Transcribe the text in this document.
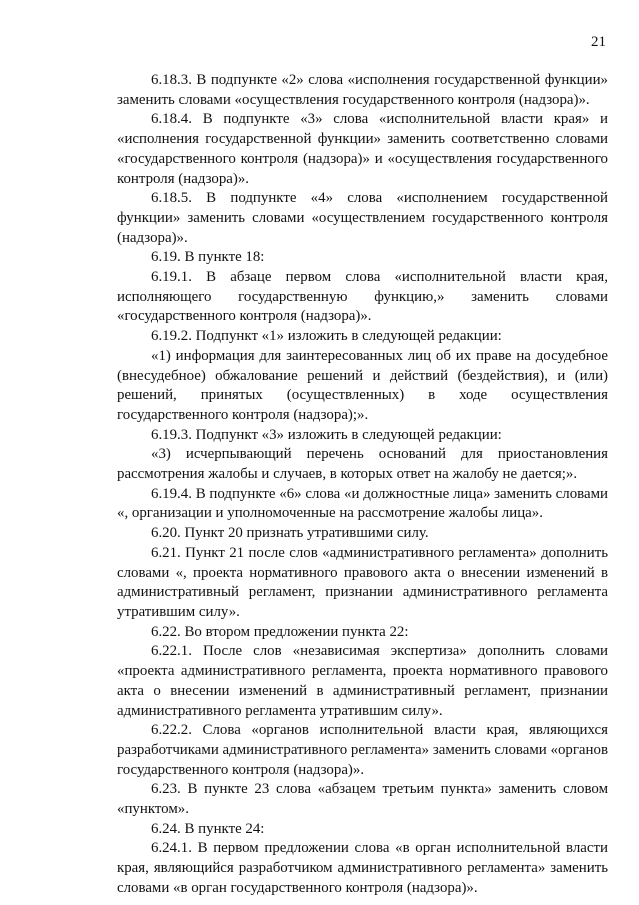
21

6.18.3. В подпункте «2» слова «исполнения государственной функции» заменить словами «осуществления государственного контроля (надзора)».

6.18.4. В подпункте «3» слова «исполнительной власти края» и «исполнения государственной функции» заменить соответственно словами «государственного контроля (надзора)» и «осуществления государственного контроля (надзора)».

6.18.5. В подпункте «4» слова «исполнением государственной функции» заменить словами «осуществлением государственного контроля (надзора)».

6.19. В пункте 18:

6.19.1. В абзаце первом слова «исполнительной власти края, исполняющего государственную функцию,» заменить словами «государственного контроля (надзора)».

6.19.2. Подпункт «1» изложить в следующей редакции:

«1) информация для заинтересованных лиц об их праве на досудебное (внесудебное) обжалование решений и действий (бездействия), и (или) решений, принятых (осуществленных) в ходе осуществления государственного контроля (надзора);».

6.19.3. Подпункт «3» изложить в следующей редакции:

«3) исчерпывающий перечень оснований для приостановления рассмотрения жалобы и случаев, в которых ответ на жалобу не дается;».

6.19.4. В подпункте «6» слова «и должностные лица» заменить словами «, организации и уполномоченные на рассмотрение жалобы лица».

6.20. Пункт 20 признать утратившими силу.

6.21. Пункт 21 после слов «административного регламента» дополнить словами «, проекта нормативного правового акта о внесении изменений в административный регламент, признании административного регламента утратившим силу».

6.22. Во втором предложении пункта 22:

6.22.1. После слов «независимая экспертиза» дополнить словами «проекта административного регламента, проекта нормативного правового акта о внесении изменений в административный регламент, признании административного регламента утратившим силу».

6.22.2. Слова «органов исполнительной власти края, являющихся разработчиками административного регламента» заменить словами «органов государственного контроля (надзора)».

6.23. В пункте 23 слова «абзацем третьим пункта» заменить словом «пунктом».

6.24. В пункте 24:

6.24.1. В первом предложении слова «в орган исполнительной власти края, являющийся разработчиком административного регламента» заменить словами «в орган государственного контроля (надзора)».
